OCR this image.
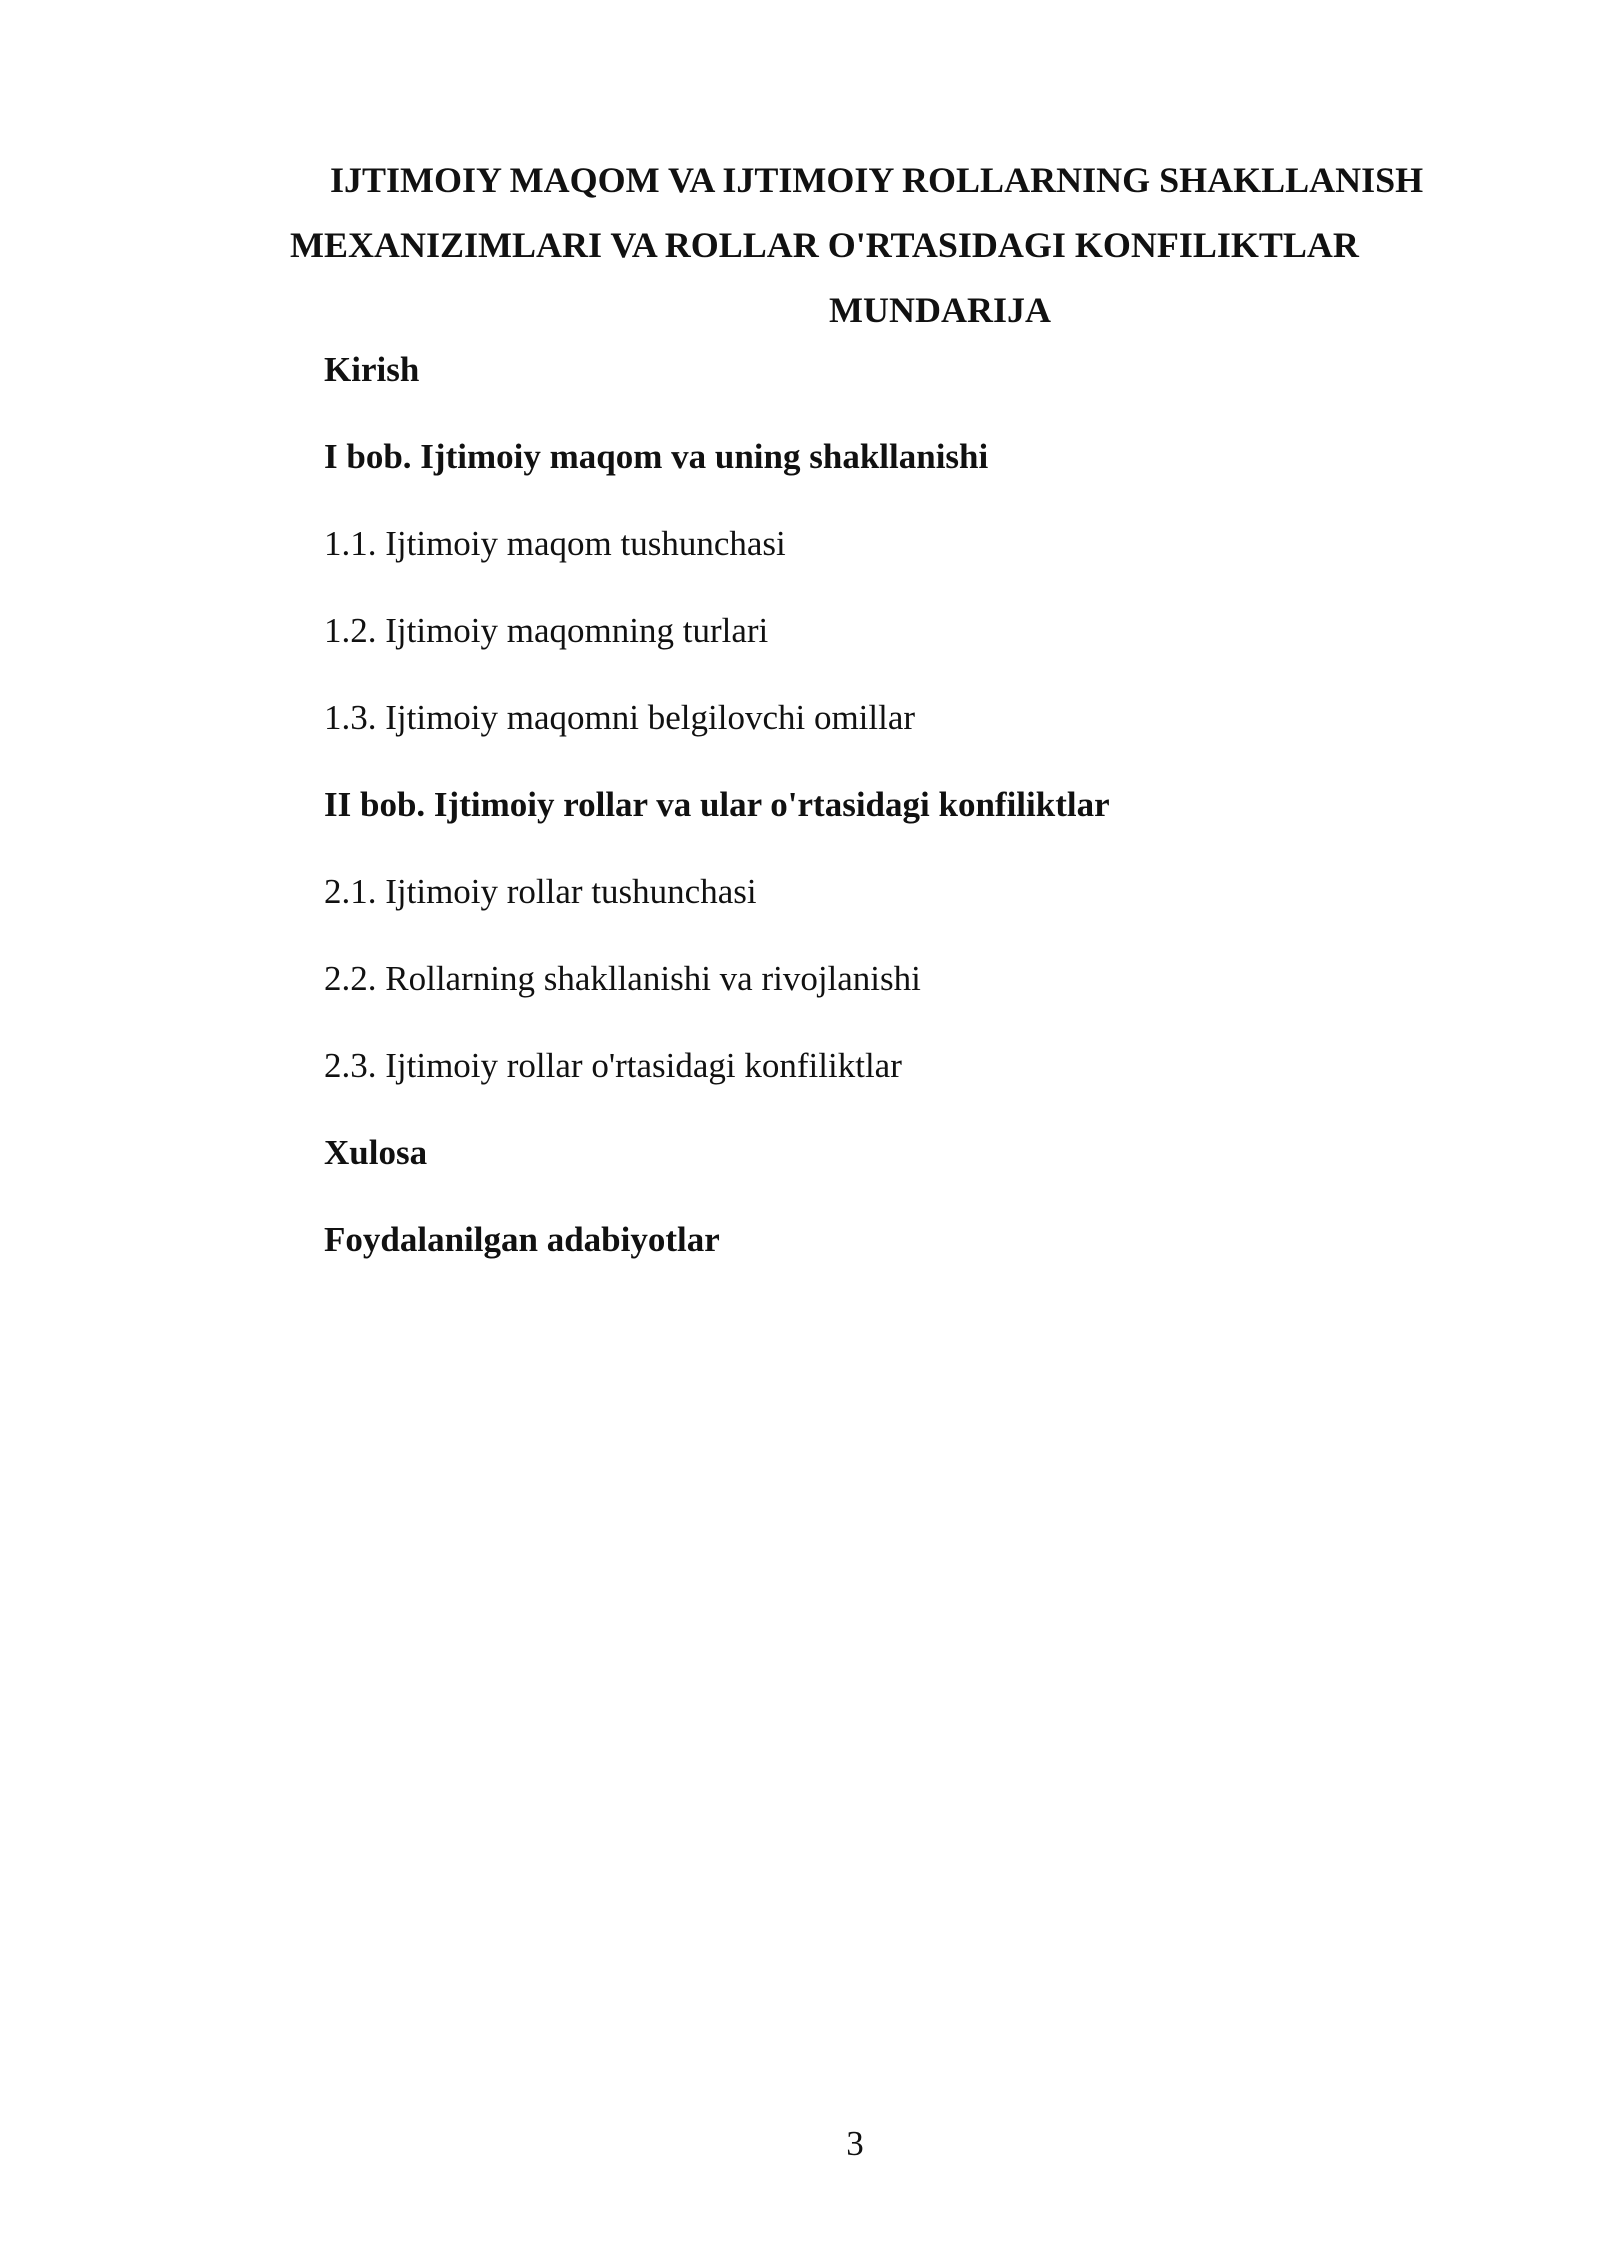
IJTIMOIY MAQOM VA IJTIMOIY ROLLARNING SHAKLLANISH
MEXANIZIMLARI VA ROLLAR O'RTASIDAGI KONFILIKTLAR
MUNDARIJA
Kirish
I bob. Ijtimoiy maqom va uning shakllanishi
1.1. Ijtimoiy maqom tushunchasi
1.2. Ijtimoiy maqomning turlari
1.3. Ijtimoiy maqomni belgilovchi omillar
II bob. Ijtimoiy rollar va ular o'rtasidagi konfiliktlar
2.1. Ijtimoiy rollar tushunchasi
2.2. Rollarning shakllanishi va rivojlanishi
2.3. Ijtimoiy rollar o'rtasidagi konfiliktlar
Xulosa
Foydalanilgan adabiyotlar
3
